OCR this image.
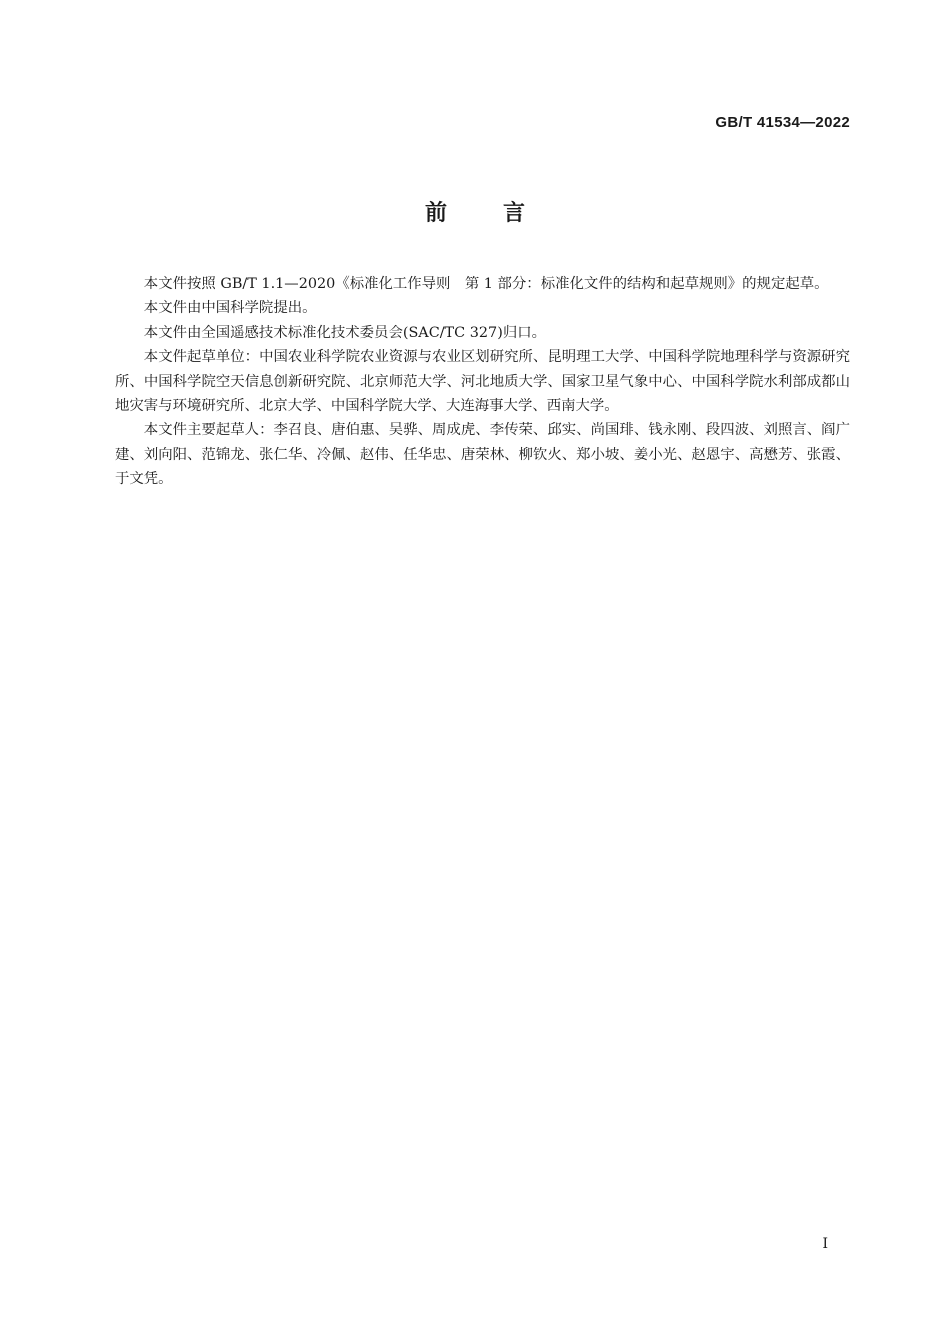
GB/T 41534—2022
前言

本文件按照 GB/T 1.1—2020《标准化工作导则　第 1 部分：标准化文件的结构和起草规则》的规定起草。

本文件由中国科学院提出。

本文件由全国遥感技术标准化技术委员会(SAC/TC 327)归口。

本文件起草单位：中国农业科学院农业资源与农业区划研究所、昆明理工大学、中国科学院地理科学与资源研究所、中国科学院空天信息创新研究院、北京师范大学、河北地质大学、国家卫星气象中心、中国科学院水利部成都山地灾害与环境研究所、北京大学、中国科学院大学、大连海事大学、西南大学。

本文件主要起草人：李召良、唐伯惠、吴骅、周成虎、李传荣、邱实、尚国琲、钱永刚、段四波、刘照言、阎广建、刘向阳、范锦龙、张仁华、冷佩、赵伟、任华忠、唐荣林、柳钦火、郑小坡、姜小光、赵恩宇、高懋芳、张霞、于文凭。

I
